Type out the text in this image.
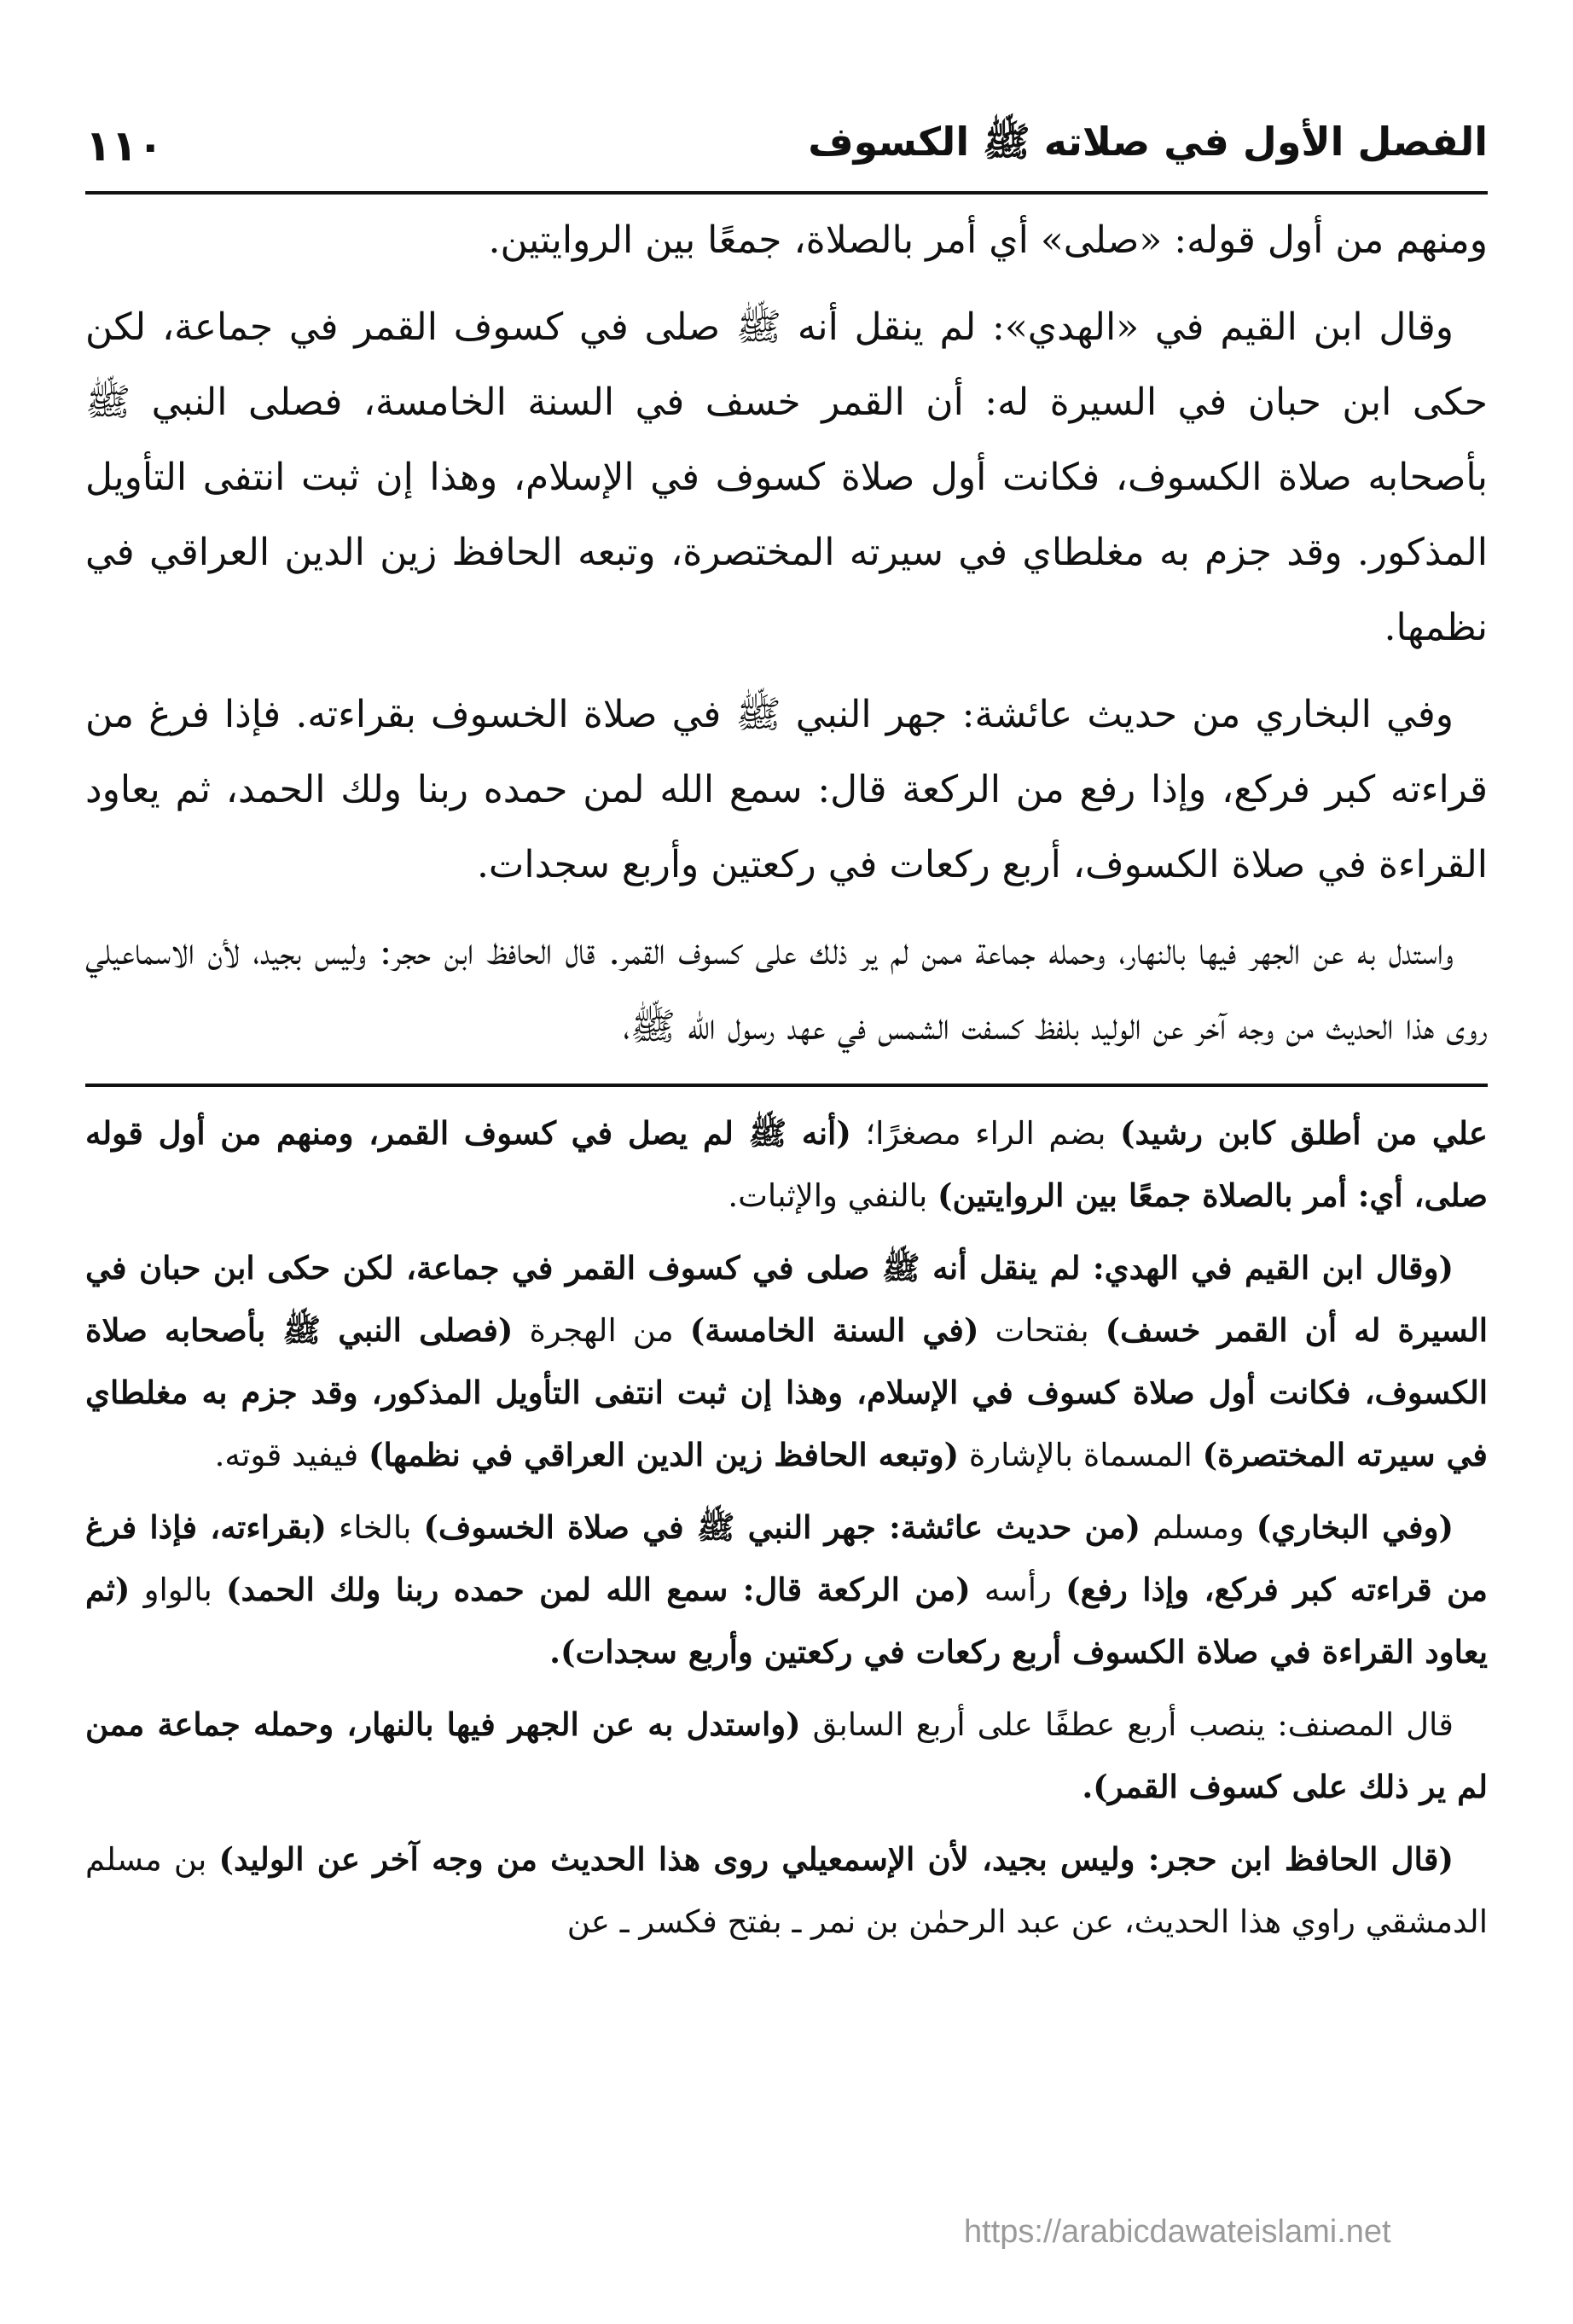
الفصل الأول في صلاته ﷺ الكسوف
١١٠

ومنهم من أول قوله: «صلى» أي أمر بالصلاة، جمعًا بين الروايتين.

وقال ابن القيم في «الهدي»: لم ينقل أنه ﷺ صلى في كسوف القمر في جماعة، لكن حكى ابن حبان في السيرة له: أن القمر خسف في السنة الخامسة، فصلى النبي ﷺ بأصحابه صلاة الكسوف، فكانت أول صلاة كسوف في الإسلام، وهذا إن ثبت انتفى التأويل المذكور. وقد جزم به مغلطاي في سيرته المختصرة، وتبعه الحافظ زين الدين العراقي في نظمها.

وفي البخاري من حديث عائشة: جهر النبي ﷺ في صلاة الخسوف بقراءته. فإذا فرغ من قراءته كبر فركع، وإذا رفع من الركعة قال: سمع الله لمن حمده ربنا ولك الحمد، ثم يعاود القراءة في صلاة الكسوف، أربع ركعات في ركعتين وأربع سجدات.

واستدل به عن الجهر فيها بالنهار، وحمله جماعة ممن لم ير ذلك على كسوف القمر. قال الحافظ ابن حجر: وليس بجيد، لأن الاسماعيلي روى هذا الحديث من وجه آخر عن الوليد بلفظ كسفت الشمس في عهد رسول الله ﷺ،

علي من أطلق كابن رشيد) بضم الراء مصغرًا؛ (أنه ﷺ لم يصل في كسوف القمر، ومنهم من أول قوله صلى، أي: أمر بالصلاة جمعًا بين الروايتين) بالنفي والإثبات.

(وقال ابن القيم في الهدي: لم ينقل أنه ﷺ صلى في كسوف القمر في جماعة، لكن حكى ابن حبان في السيرة له أن القمر خسف) بفتحات (في السنة الخامسة) من الهجرة (فصلى النبي ﷺ بأصحابه صلاة الكسوف، فكانت أول صلاة كسوف في الإسلام، وهذا إن ثبت انتفى التأويل المذكور، وقد جزم به مغلطاي في سيرته المختصرة) المسماة بالإشارة (وتبعه الحافظ زين الدين العراقي في نظمها) فيفيد قوته.

(وفي البخاري) ومسلم (من حديث عائشة: جهر النبي ﷺ في صلاة الخسوف) بالخاء (بقراءته، فإذا فرغ من قراءته كبر فركع، وإذا رفع) رأسه (من الركعة قال: سمع الله لمن حمده ربنا ولك الحمد) بالواو (ثم يعاود القراءة في صلاة الكسوف أربع ركعات في ركعتين وأربع سجدات).

قال المصنف: ينصب أربع عطفًا على أربع السابق (واستدل به عن الجهر فيها بالنهار، وحمله جماعة ممن لم ير ذلك على كسوف القمر).

(قال الحافظ ابن حجر: وليس بجيد، لأن الإسمعيلي روى هذا الحديث من وجه آخر عن الوليد) بن مسلم الدمشقي راوي هذا الحديث، عن عبد الرحمٰن بن نمر ـ بفتح فكسر ـ عن

https://arabicdawateislami.net
